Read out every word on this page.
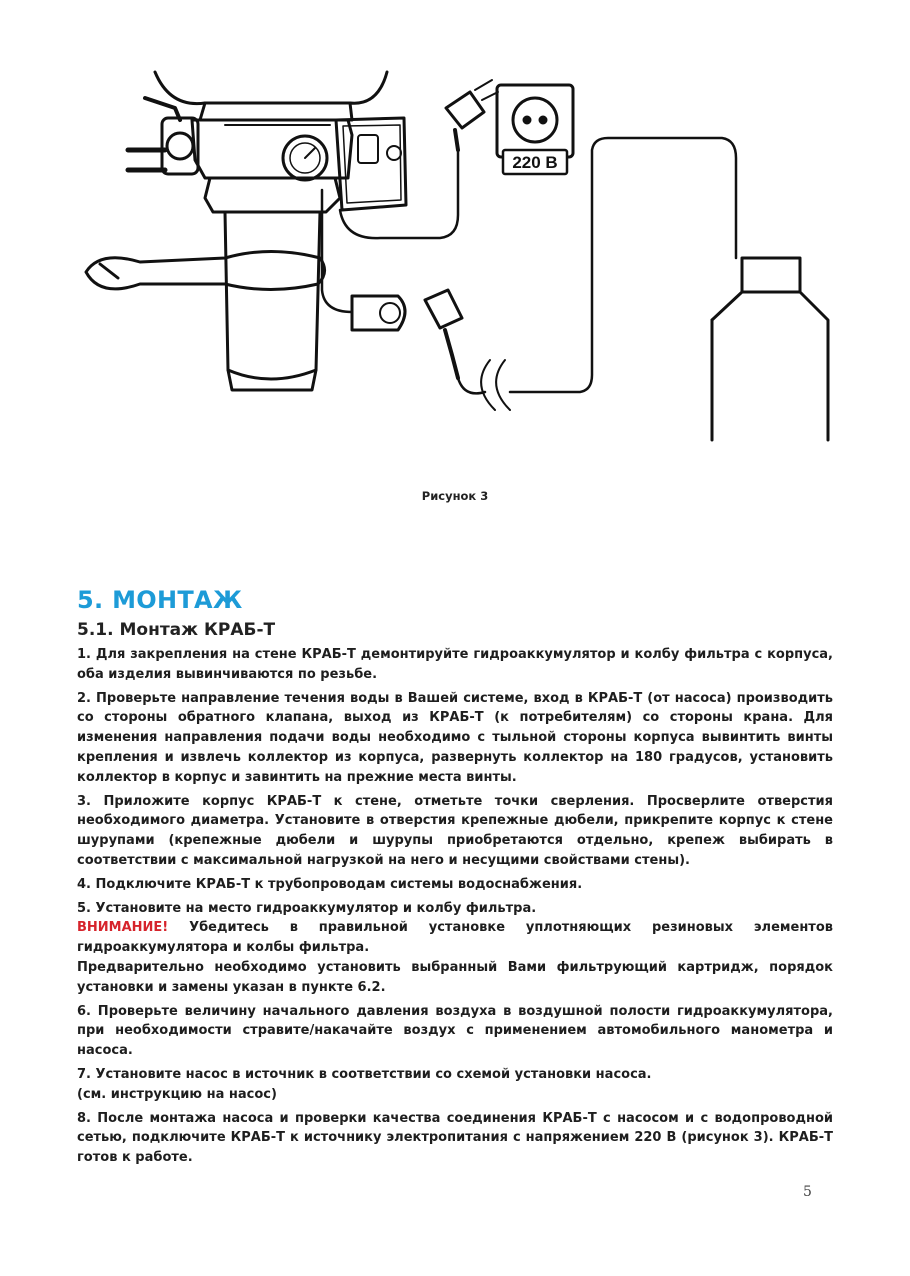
220 В
Рисунок 3
5. МОНТАЖ
5.1. Монтаж КРАБ-Т

1. Для закрепления на стене КРАБ-Т демонтируйте гидроаккумулятор и колбу фильтра с корпуса, оба изделия вывинчиваются по резьбе.

2. Проверьте направление течения воды в Вашей системе, вход в КРАБ-Т (от насоса) производить со стороны обратного клапана, выход из КРАБ-Т (к потребителям) со стороны крана. Для изменения направления подачи воды необходимо с тыльной стороны корпуса вывинтить винты крепления и извлечь коллектор из корпуса, развернуть коллектор на 180 градусов, установить коллектор в корпус и завинтить на прежние места винты.

3. Приложите корпус КРАБ-Т к стене, отметьте точки сверления. Просверлите отверстия необходимого диаметра. Установите в отверстия крепежные дюбели, прикрепите корпус к стене шурупами (крепежные дюбели и шурупы приобретаются отдельно, крепеж выбирать в соответствии с максимальной нагрузкой на него и несущими свойствами стены).

4. Подключите КРАБ-Т к трубопроводам системы водоснабжения.

5. Установите на место гидроаккумулятор и колбу фильтра.
ВНИМАНИЕ! Убедитесь в правильной установке уплотняющих резиновых элементов гидроаккумулятора и колбы фильтра.
Предварительно необходимо установить выбранный Вами фильтрующий картридж, порядок установки и замены указан в пункте 6.2.

6. Проверьте величину начального давления воздуха в воздушной полости гидроаккумулятора, при необходимости стравите/накачайте воздух с применением автомобильного манометра и насоса.

7. Установите насос в источник в соответствии со схемой установки насоса.
(см. инструкцию на насос)

8. После монтажа насоса и проверки качества соединения КРАБ-Т с насосом и с водопроводной сетью, подключите КРАБ-Т к источнику электропитания с напряжением 220 В (рисунок 3). КРАБ-Т готов к работе.

5
